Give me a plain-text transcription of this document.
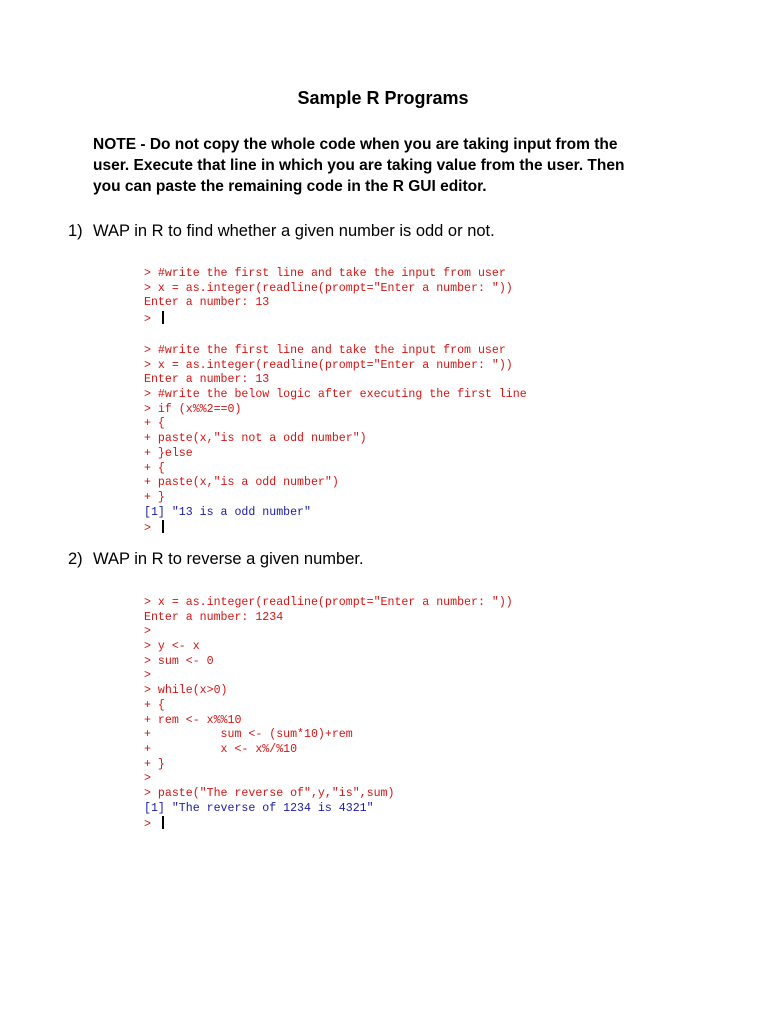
Sample R Programs
NOTE - Do not copy the whole code when you are taking input from the
user. Execute that line in which you are taking value from the user. Then
you can paste the remaining code in the R GUI editor.
1) WAP in R to find whether a given number is odd or not.
> #write the first line and take the input from user
> x = as.integer(readline(prompt="Enter a number: "))
Enter a number: 13
>
> #write the first line and take the input from user
> x = as.integer(readline(prompt="Enter a number: "))
Enter a number: 13
> #write the below logic after executing the first line
> if (x%%2==0)
+ {
+ paste(x,"is not a odd number")
+ }else
+ {
+ paste(x,"is a odd number")
+ }
[1] "13 is a odd number"
>
2) WAP in R to reverse a given number.
> x = as.integer(readline(prompt="Enter a number: "))
Enter a number: 1234
>
> y <- x
> sum <- 0
>
> while(x>0)
+ {
+ rem <- x%%10
+          sum <- (sum*10)+rem
+          x <- x%/%10
+ }
>
> paste("The reverse of",y,"is",sum)
[1] "The reverse of 1234 is 4321"
>
